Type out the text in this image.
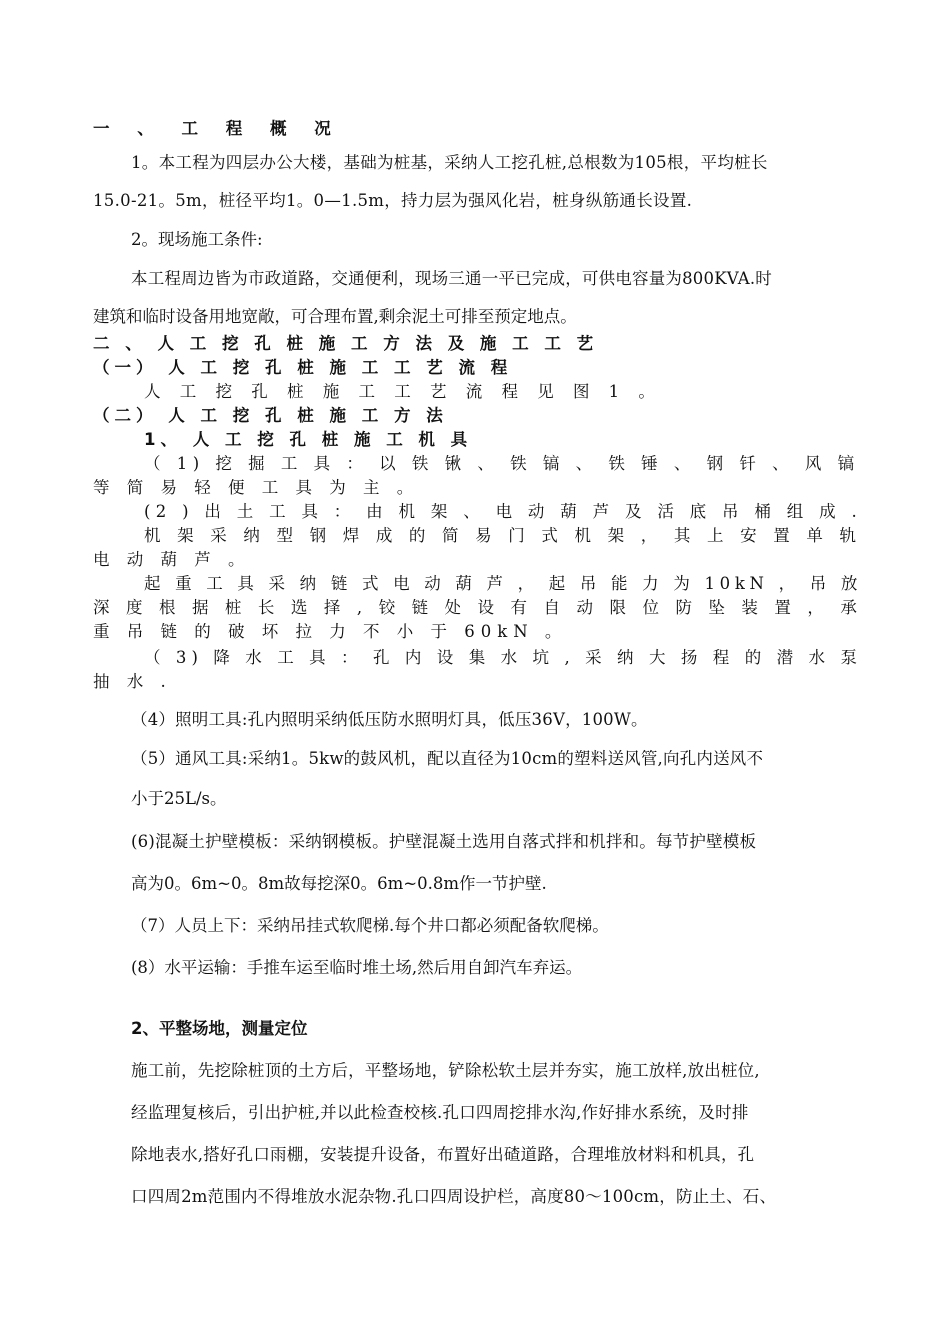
一 、 工 程 概 况
1。本工程为四层办公大楼，基础为桩基，采纳人工挖孔桩,总根数为105根，平均桩长
15.0-21。5m，桩径平均1。0—1.5m，持力层为强风化岩，桩身纵筋通长设置.
2。现场施工条件:
本工程周边皆为市政道路，交通便利，现场三通一平已完成，可供电容量为800KVA.时
建筑和临时设备用地宽敞，可合理布置,剩余泥土可排至预定地点。
二 、 人 工 挖 孔 桩 施 工 方 法 及 施 工 工 艺
（一） 人 工 挖 孔 桩 施 工 工 艺 流 程
人 工 挖 孔 桩 施 工 工 艺 流 程 见 图 1 。
（二） 人 工 挖 孔 桩 施 工 方 法
1、 人 工 挖 孔 桩 施 工 机 具
（ 1) 挖 掘 工 具 ： 以 铁 锹 、 铁 镐 、 铁 锤 、 钢 钎 、 风 镐
等 简 易 轻 便 工 具 为 主 。
(2 ) 出 土 工 具 ： 由 机 架 、 电 动 葫 芦 及 活 底 吊 桶 组 成 .
机 架 采 纳 型 钢 焊 成 的 简 易 门 式 机 架 ， 其 上 安 置 单 轨
电 动 葫 芦 。
起 重 工 具 采 纳 链 式 电 动 葫 芦 ， 起 吊 能 力 为 10kN ， 吊 放
深 度 根 据 桩 长 选 择 , 铰 链 处 设 有 自 动 限 位 防 坠 装 置 ， 承
重 吊 链 的 破 坏 拉 力 不 小 于 60kN 。
（ 3) 降 水 工 具 ： 孔 内 设 集 水 坑 , 采 纳 大 扬 程 的 潜 水 泵
抽 水 .
（4）照明工具:孔内照明采纳低压防水照明灯具，低压36V，100W。
（5）通风工具:采纳1。5kw的鼓风机，配以直径为10cm的塑料送风管,向孔内送风不
小于25L/s。
(6)混凝土护壁模板：采纳钢模板。护壁混凝土选用自落式拌和机拌和。每节护壁模板
高为0。6m~0。8m故每挖深0。6m~0.8m作一节护壁.
（7）人员上下：采纳吊挂式软爬梯.每个井口都必须配备软爬梯。
(8）水平运输：手推车运至临时堆土场,然后用自卸汽车弃运。
2、平整场地，测量定位
施工前，先挖除桩顶的土方后，平整场地，铲除松软土层并夯实，施工放样,放出桩位,
经监理复核后，引出护桩,并以此检查校核.孔口四周挖排水沟,作好排水系统，及时排
除地表水,搭好孔口雨棚，安装提升设备，布置好出碴道路，合理堆放材料和机具，孔
口四周2m范围内不得堆放水泥杂物.孔口四周设护栏，高度80～100cm，防止土、石、
